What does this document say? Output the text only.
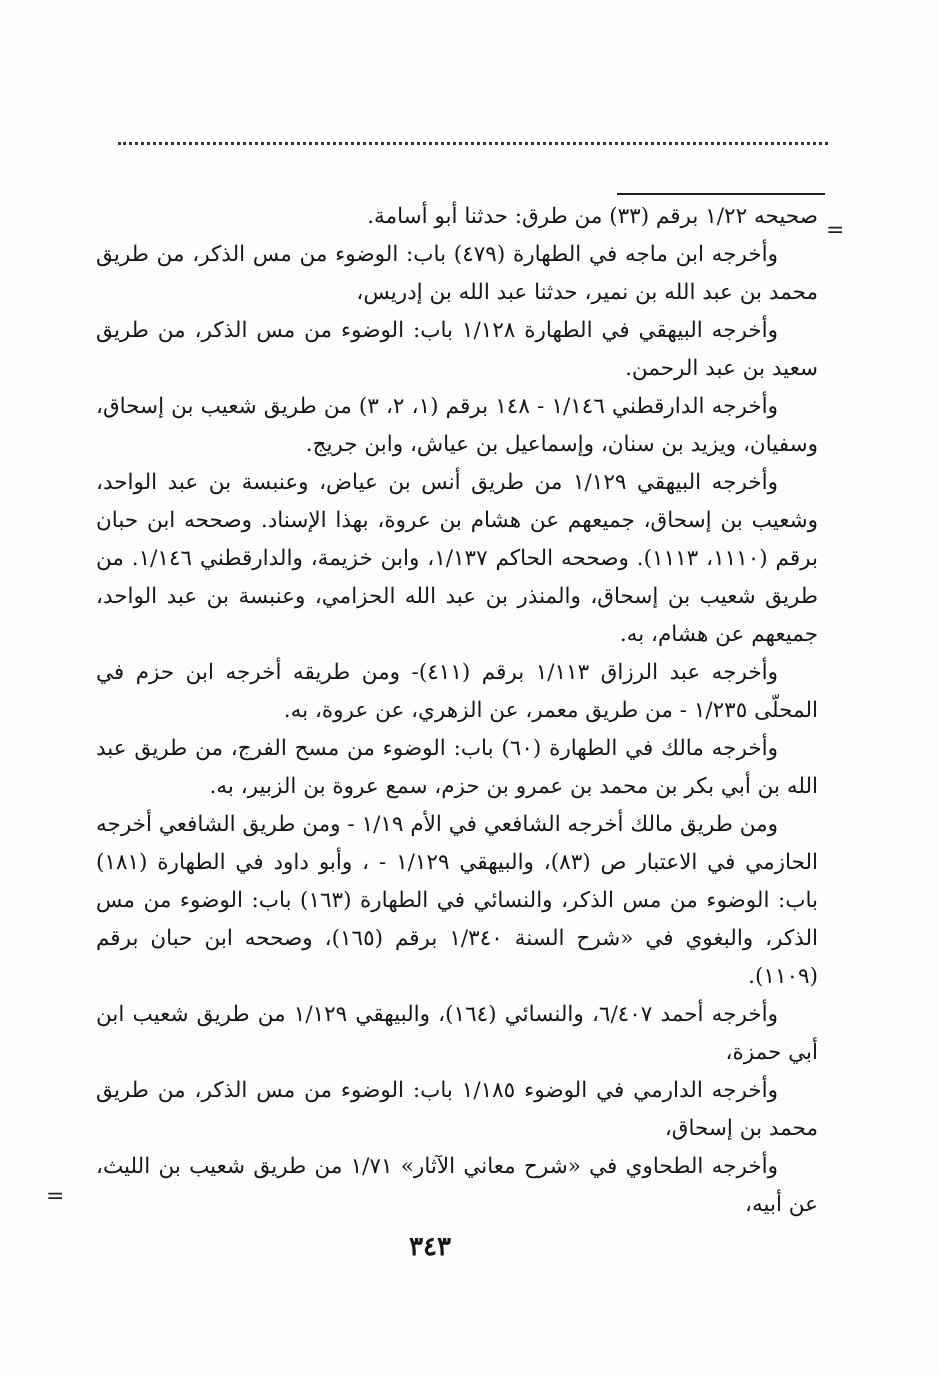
=
=

صحيحه ١/٢٢ برقم (٣٣) من طرق: حدثنا أبو أسامة.

وأخرجه ابن ماجه في الطهارة (٤٧٩) باب: الوضوء من مس الذكر، من طريق محمد بن عبد الله بن نمير، حدثنا عبد الله بن إدريس،

وأخرجه البيهقي في الطهارة ١/١٢٨ باب: الوضوء من مس الذكر، من طريق سعيد بن عبد الرحمن.

وأخرجه الدارقطني ١/١٤٦ - ١٤٨ برقم (١، ٢، ٣) من طريق شعيب بن إسحاق، وسفيان، ويزيد بن سنان، وإسماعيل بن عياش، وابن جريج.

وأخرجه البيهقي ١/١٢٩ من طريق أنس بن عياض، وعنبسة بن عبد الواحد، وشعيب بن إسحاق، جميعهم عن هشام بن عروة، بهذا الإسناد. وصححه ابن حبان برقم (١١١٠، ١١١٣). وصححه الحاكم ١/١٣٧، وابن خزيمة، والدارقطني ١/١٤٦. من طريق شعيب بن إسحاق، والمنذر بن عبد الله الحزامي، وعنبسة بن عبد الواحد، جميعهم عن هشام، به.

وأخرجه عبد الرزاق ١/١١٣ برقم (٤١١)- ومن طريقه أخرجه ابن حزم في المحلّى ١/٢٣٥ - من طريق معمر، عن الزهري، عن عروة، به.

وأخرجه مالك في الطهارة (٦٠) باب: الوضوء من مسح الفرج، من طريق عبد الله بن أبي بكر بن محمد بن عمرو بن حزم، سمع عروة بن الزبير، به.

ومن طريق مالك أخرجه الشافعي في الأم ١/١٩ - ومن طريق الشافعي أخرجه الحازمي في الاعتبار ص (٨٣)، والبيهقي ١/١٢٩ - ، وأبو داود في الطهارة (١٨١) باب: الوضوء من مس الذكر، والنسائي في الطهارة (١٦٣) باب: الوضوء من مس الذكر، والبغوي في «شرح السنة ١/٣٤٠ برقم (١٦٥)، وصححه ابن حبان برقم (١١٠٩).

وأخرجه أحمد ٦/٤٠٧، والنسائي (١٦٤)، والبيهقي ١/١٢٩ من طريق شعيب ابن أبي حمزة،

وأخرجه الدارمي في الوضوء ١/١٨٥ باب: الوضوء من مس الذكر، من طريق محمد بن إسحاق،

وأخرجه الطحاوي في «شرح معاني الآثار» ١/٧١ من طريق شعيب بن الليث، عن أبيه،

٣٤٣
